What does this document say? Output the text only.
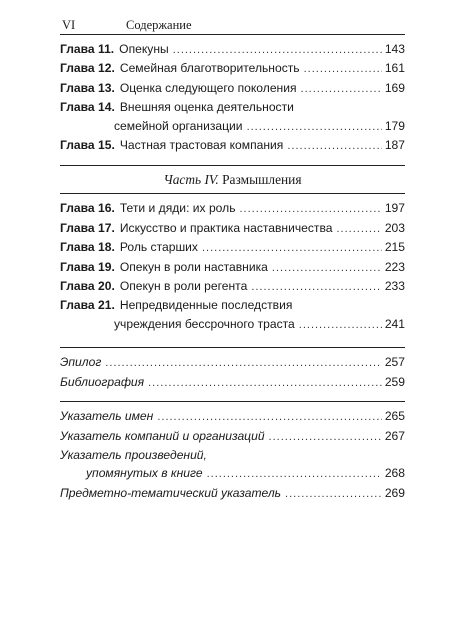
VI	Содержание
Глава 11. Опекуны .....	143
Глава 12. Семейная благотворительность .....	161
Глава 13. Оценка следующего поколения .....	169
Глава 14. Внешняя оценка деятельности
семейной организации .....	179
Глава 15. Частная трастовая компания .....	187
Часть IV. Размышления
Глава 16. Тети и дяди: их роль .....	197
Глава 17. Искусство и практика наставничества .....	203
Глава 18. Роль старших .....	215
Глава 19. Опекун в роли наставника .....	223
Глава 20. Опекун в роли регента .....	233
Глава 21. Непредвиденные последствия
учреждения бессрочного траста .....	241
Эпилог .....	257
Библиография .....	259
Указатель имен .....	265
Указатель компаний и организаций .....	267
Указатель произведений,
упомянутых в книге .....	268
Предметно-тематический указатель .....	269
